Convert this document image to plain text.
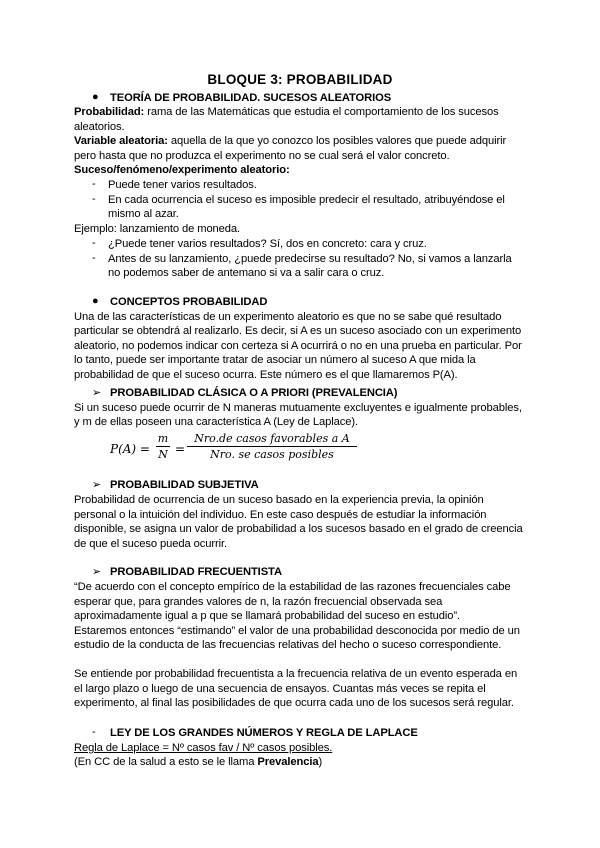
BLOQUE 3: PROBABILIDAD
● TEORÍA DE PROBABILIDAD. SUCESOS ALEATORIOS
Probabilidad: rama de las Matemáticas que estudia el comportamiento de los sucesos
aleatorios.
Variable aleatoria: aquella de la que yo conozco los posibles valores que puede adquirir
pero hasta que no produzca el experimento no se cual será el valor concreto.
Suceso/fenómeno/experimento aleatorio:
- Puede tener varios resultados.
- En cada ocurrencia el suceso es imposible predecir el resultado, atribuyéndose el
mismo al azar.
Ejemplo: lanzamiento de moneda.
- ¿Puede tener varios resultados? Sí, dos en concreto: cara y cruz.
- Antes de su lanzamiento, ¿puede predecirse su resultado? No, si vamos a lanzarla
no podemos saber de antemano si va a salir cara o cruz.
● CONCEPTOS PROBABILIDAD
Una de las características de un experimento aleatorio es que no se sabe qué resultado
particular se obtendrá al realizarlo. Es decir, si A es un suceso asociado con un experimento
aleatorio, no podemos indicar con certeza si A ocurrirá o no en una prueba en particular. Por
lo tanto, puede ser importante tratar de asociar un número al suceso A que mida la
probabilidad de que el suceso ocurra. Este número es el que llamaremos P(A).
➢ PROBABILIDAD CLÁSICA O A PRIORI (PREVALENCIA)
Si un suceso puede ocurrir de N maneras mutuamente excluyentes e igualmente probables,
y m de ellas poseen una característica A (Ley de Laplace).
P(A) =
m
N =
Nro.de casos favorables a A
Nro. se casos posibles
➢ PROBABILIDAD SUBJETIVA
Probabilidad de ocurrencia de un suceso basado en la experiencia previa, la opinión
personal o la intuición del individuo. En este caso después de estudiar la información
disponible, se asigna un valor de probabilidad a los sucesos basado en el grado de creencia
de que el suceso pueda ocurrir.
➢ PROBABILIDAD FRECUENTISTA
“De acuerdo con el concepto empírico de la estabilidad de las razones frecuenciales cabe
esperar que, para grandes valores de n, la razón frecuencial observada sea
aproximadamente igual a p que se llamará probabilidad del suceso en estudio”.
Estaremos entonces “estimando” el valor de una probabilidad desconocida por medio de un
estudio de la conducta de las frecuencias relativas del hecho o suceso correspondiente.
Se entiende por probabilidad frecuentista a la frecuencia relativa de un evento esperada en
el largo plazo o luego de una secuencia de ensayos. Cuantas más veces se repita el
experimento, al final las posibilidades de que ocurra cada uno de los sucesos será regular.
- LEY DE LOS GRANDES NÚMEROS Y REGLA DE LAPLACE
Regla de Laplace = Nº casos fav / Nº casos posibles.
(En CC de la salud a esto se le llama Prevalencia)
